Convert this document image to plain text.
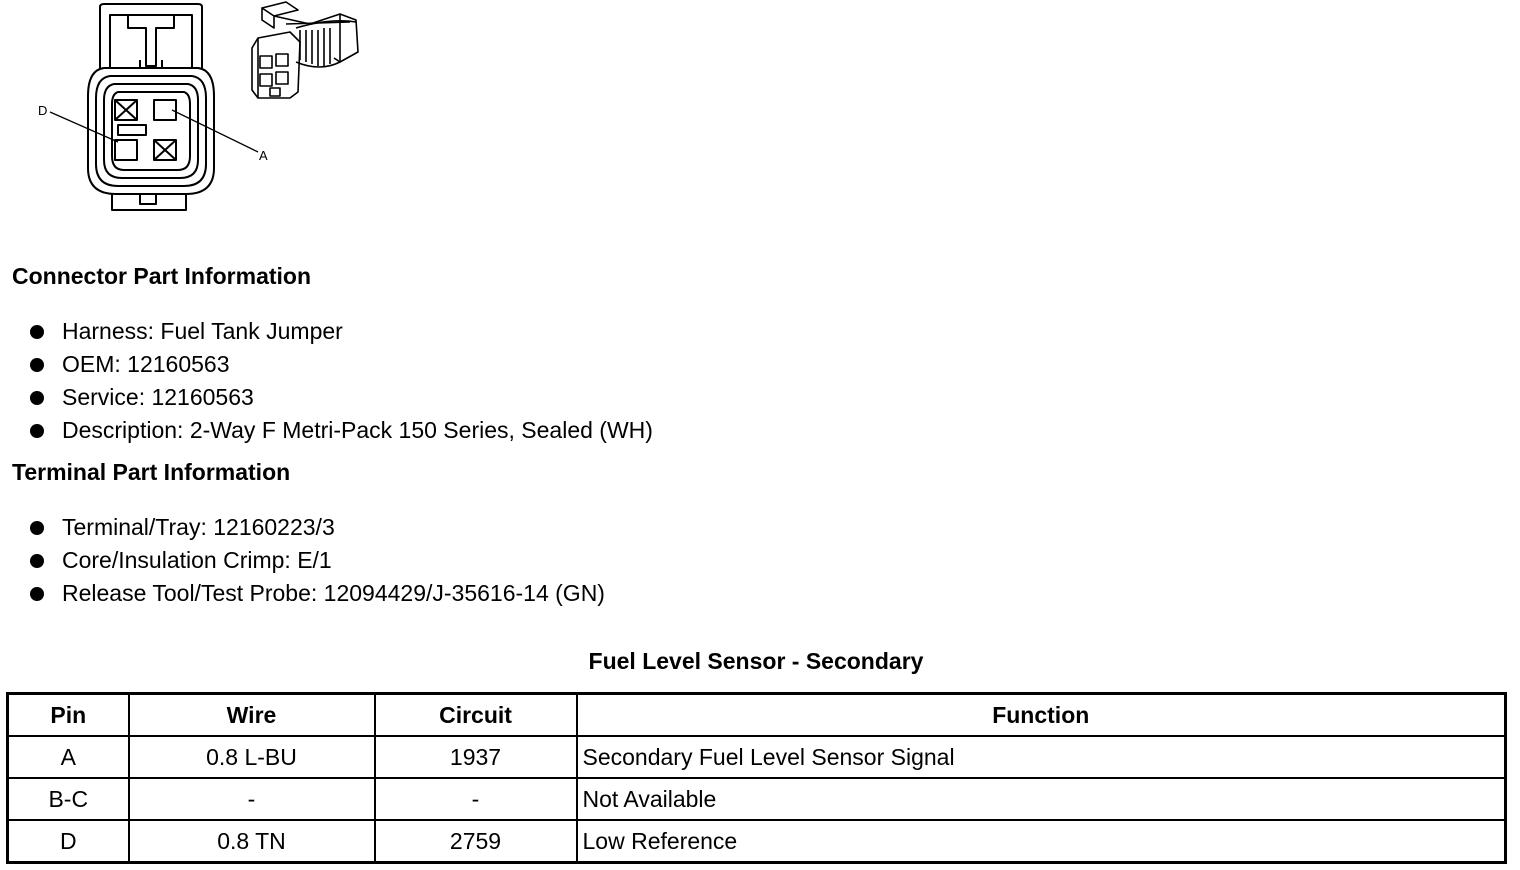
D
A
Connector Part Information
Harness: Fuel Tank Jumper
OEM: 12160563
Service: 12160563
Description: 2-Way F Metri-Pack 150 Series, Sealed (WH)
Terminal Part Information
Terminal/Tray: 12160223/3
Core/Insulation Crimp: E/1
Release Tool/Test Probe: 12094429/J-35616-14 (GN)
Fuel Level Sensor - Secondary
Pin	Wire	Circuit	Function
A	0.8 L-BU	1937	Secondary Fuel Level Sensor Signal
B-C	-	-	Not Available
D	0.8 TN	2759	Low Reference
